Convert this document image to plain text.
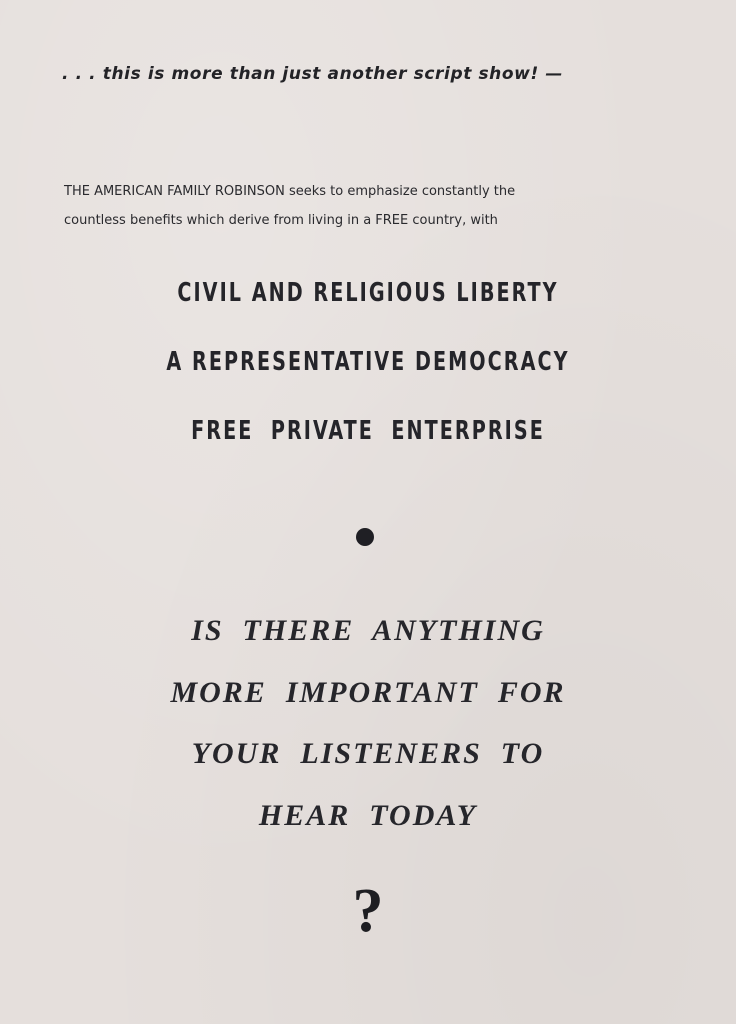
. . . this is more than just another script show! —

THE AMERICAN FAMILY ROBINSON seeks to emphasize constantly the

countless benefits which derive from living in a FREE country, with

CIVIL AND RELIGIOUS LIBERTY
A REPRESENTATIVE DEMOCRACY
FREE  PRIVATE  ENTERPRISE
IS  THERE  ANYTHING
MORE  IMPORTANT  FOR
YOUR  LISTENERS  TO
HEAR  TODAY
?
